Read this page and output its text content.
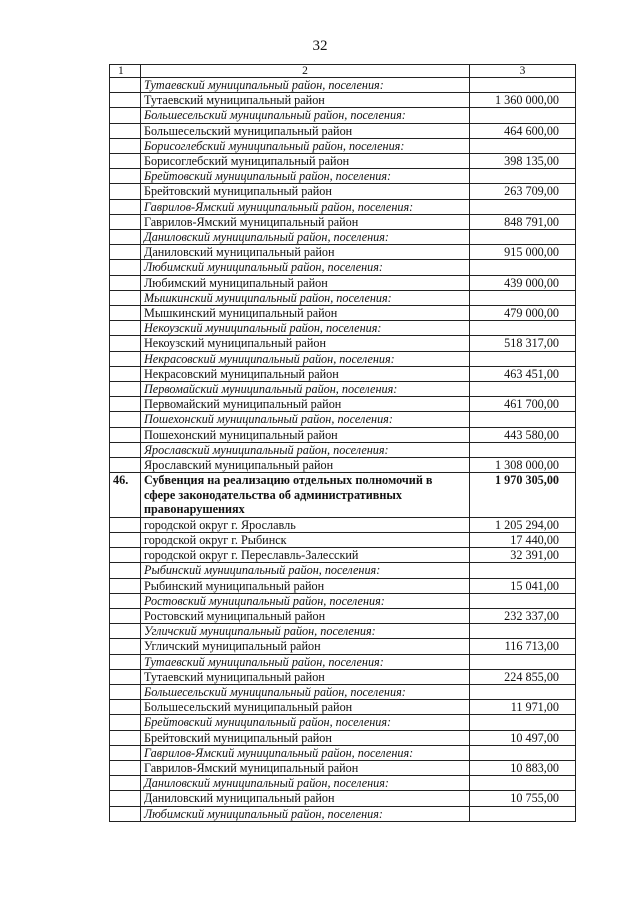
32
1	2	3
	Тутаевский муниципальный район, поселения:	
	Тутаевский муниципальный район	1 360 000,00
	Большесельский муниципальный район, поселения:	
	Большесельский муниципальный район	464 600,00
	Борисоглебский муниципальный район, поселения:	
	Борисоглебский муниципальный район	398 135,00
	Брейтовский муниципальный район, поселения:	
	Брейтовский муниципальный район	263 709,00
	Гаврилов-Ямский муниципальный район, поселения:	
	Гаврилов-Ямский муниципальный район	848 791,00
	Даниловский муниципальный район, поселения:	
	Даниловский муниципальный район	915 000,00
	Любимский муниципальный район, поселения:	
	Любимский муниципальный район	439 000,00
	Мышкинский муниципальный район, поселения:	
	Мышкинский муниципальный район	479 000,00
	Некоузский муниципальный район, поселения:	
	Некоузский муниципальный район	518 317,00
	Некрасовский муниципальный район, поселения:	
	Некрасовский муниципальный район	463 451,00
	Первомайский муниципальный район, поселения:	
	Первомайский муниципальный район	461 700,00
	Пошехонский муниципальный район, поселения:	
	Пошехонский муниципальный район	443 580,00
	Ярославский муниципальный район, поселения:	
	Ярославский муниципальный район	1 308 000,00
46.	Субвенция на реализацию отдельных полномочий в сфере законодательства об административных правонарушениях	1 970 305,00
	городской округ г. Ярославль	1 205 294,00
	городской округ г. Рыбинск	17 440,00
	городской округ г. Переславль-Залесский	32 391,00
	Рыбинский муниципальный район, поселения:	
	Рыбинский муниципальный район	15 041,00
	Ростовский муниципальный район, поселения:	
	Ростовский муниципальный район	232 337,00
	Угличский муниципальный район, поселения:	
	Угличский муниципальный район	116 713,00
	Тутаевский муниципальный район, поселения:	
	Тутаевский муниципальный район	224 855,00
	Большесельский муниципальный район, поселения:	
	Большесельский муниципальный район	11 971,00
	Брейтовский муниципальный район, поселения:	
	Брейтовский муниципальный район	10 497,00
	Гаврилов-Ямский муниципальный район, поселения:	
	Гаврилов-Ямский муниципальный район	10 883,00
	Даниловский муниципальный район, поселения:	
	Даниловский муниципальный район	10 755,00
	Любимский муниципальный район, поселения:	
